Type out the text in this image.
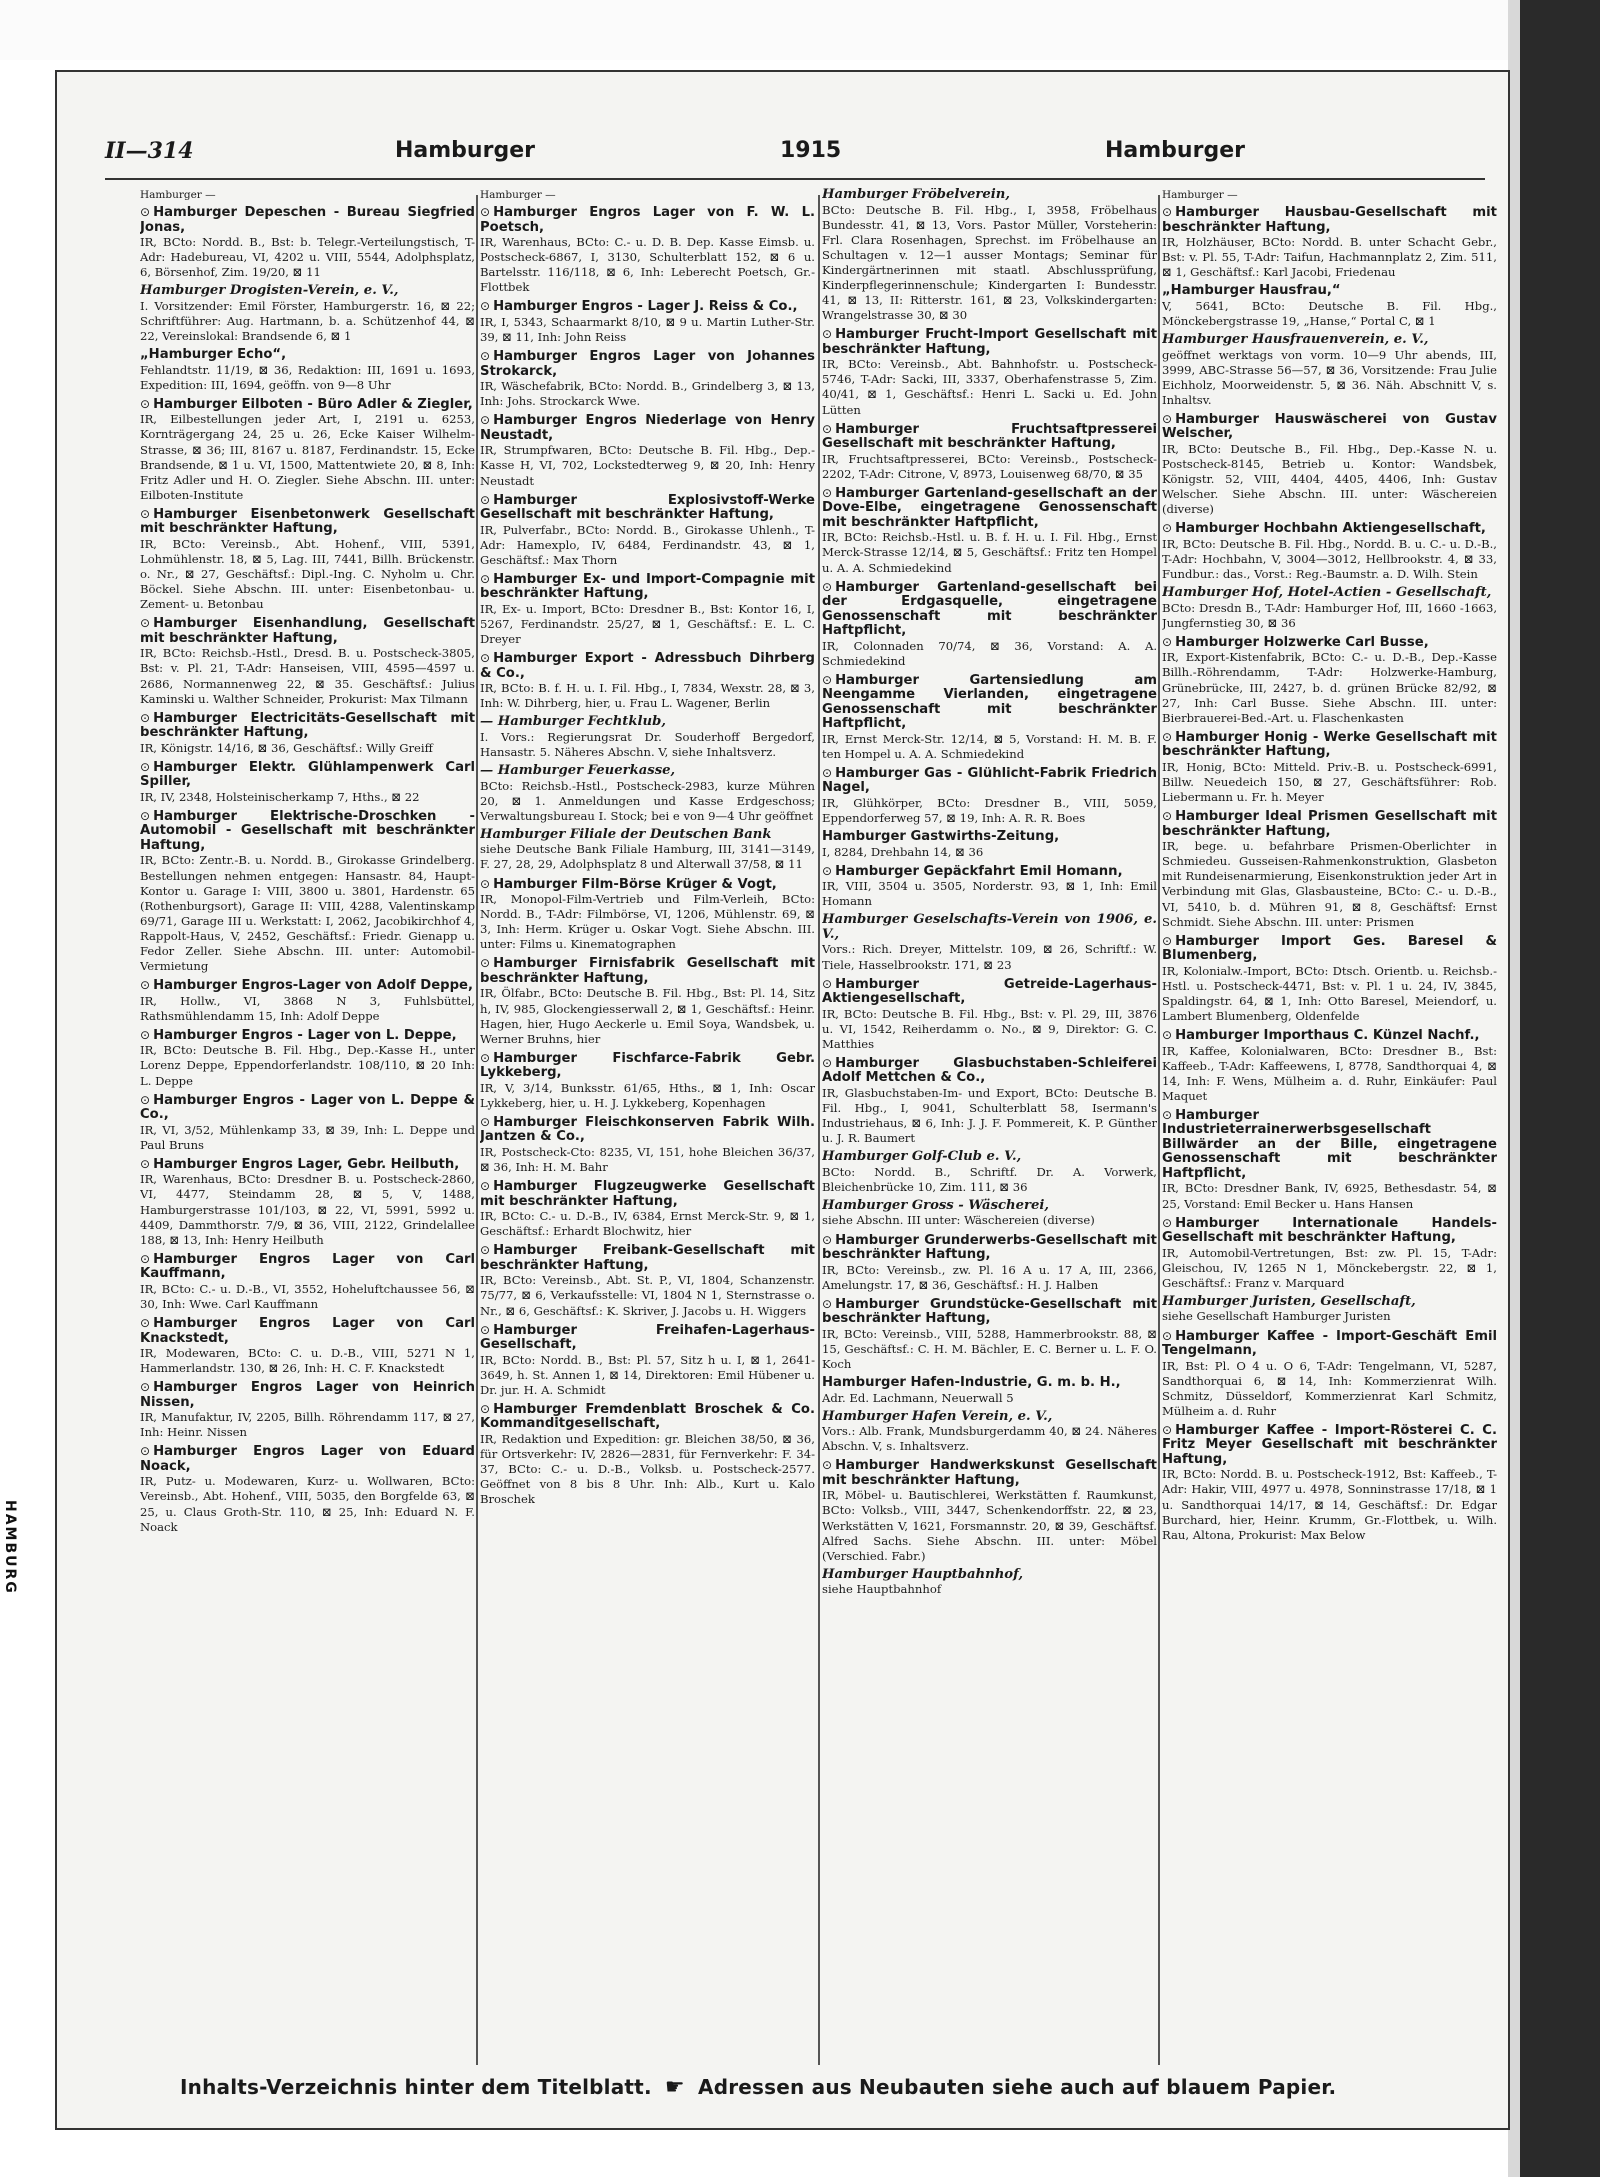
HAMBURG
II—314	Hamburger	1915	Hamburger
Hamburger —
⊙ Hamburger Depeschen - Bureau Siegfried Jonas,
IR, BCto: Nordd. B., Bst: b. Telegr.-Verteilungstisch, T-Adr: Hadebureau, VI, 4202 u. VIII, 5544, Adolphsplatz, 6, Börsenhof, Zim. 19/20, ⊠ 11
Hamburger Drogisten-Verein, e. V.,
I. Vorsitzender: Emil Förster, Hamburgerstr. 16, ⊠ 22; Schriftführer: Aug. Hartmann, b. a. Schützenhof 44, ⊠ 22, Vereinslokal: Brandsende 6, ⊠ 1
„Hamburger Echo“,
Fehlandtstr. 11/19, ⊠ 36, Redaktion: III, 1691 u. 1693, Expedition: III, 1694, geöffn. von 9—8 Uhr
⊙ Hamburger Eilboten - Büro Adler & Ziegler,
IR, Eilbestellungen jeder Art, I, 2191 u. 6253, Kornträgergang 24, 25 u. 26, Ecke Kaiser Wilhelm-Strasse, ⊠ 36; III, 8167 u. 8187, Ferdinandstr. 15, Ecke Brandsende, ⊠ 1 u. VI, 1500, Mattentwiete 20, ⊠ 8, Inh: Fritz Adler und H. O. Ziegler. Siehe Abschn. III. unter: Eilboten-Institute
⊙ Hamburger Eisenbetonwerk Gesellschaft mit beschränkter Haftung,
IR, BCto: Vereinsb., Abt. Hohenf., VIII, 5391, Lohmühlenstr. 18, ⊠ 5, Lag. III, 7441, Billh. Brückenstr. o. Nr., ⊠ 27, Geschäftsf.: Dipl.-Ing. C. Nyholm u. Chr. Böckel. Siehe Abschn. III. unter: Eisenbetonbau- u. Zement- u. Betonbau
⊙ Hamburger Eisenhandlung, Gesellschaft mit beschränkter Haftung,
IR, BCto: Reichsb.-Hstl., Dresd. B. u. Postscheck-3805, Bst: v. Pl. 21, T-Adr: Hanseisen, VIII, 4595—4597 u. 2686, Normannenweg 22, ⊠ 35. Geschäftsf.: Julius Kaminski u. Walther Schneider, Prokurist: Max Tilmann
⊙ Hamburger Electricitäts-Gesellschaft mit beschränkter Haftung,
IR, Königstr. 14/16, ⊠ 36, Geschäftsf.: Willy Greiff
⊙ Hamburger Elektr. Glühlampenwerk Carl Spiller,
IR, IV, 2348, Holsteinischerkamp 7, Hths., ⊠ 22
⊙ Hamburger Elektrische-Droschken - Automobil - Gesellschaft mit beschränkter Haftung,
IR, BCto: Zentr.-B. u. Nordd. B., Girokasse Grindelberg. Bestellungen nehmen entgegen: Hansastr. 84, Haupt-Kontor u. Garage I: VIII, 3800 u. 3801, Hardenstr. 65 (Rothenburgsort), Garage II: VIII, 4288, Valentinskamp 69/71, Garage III u. Werkstatt: I, 2062, Jacobikirchhof 4, Rappolt-Haus, V, 2452, Geschäftsf.: Friedr. Gienapp u. Fedor Zeller. Siehe Abschn. III. unter: Automobil-Vermietung
⊙ Hamburger Engros-Lager von Adolf Deppe,
IR, Hollw., VI, 3868 N 3, Fuhlsbüttel, Rathsmühlendamm 15, Inh: Adolf Deppe
⊙ Hamburger Engros - Lager von L. Deppe,
IR, BCto: Deutsche B. Fil. Hbg., Dep.-Kasse H., unter Lorenz Deppe, Eppendorferlandstr. 108/110, ⊠ 20 Inh: L. Deppe
⊙ Hamburger Engros - Lager von L. Deppe & Co.,
IR, VI, 3/52, Mühlenkamp 33, ⊠ 39, Inh: L. Deppe und Paul Bruns
⊙ Hamburger Engros Lager, Gebr. Heilbuth,
IR, Warenhaus, BCto: Dresdner B. u. Postscheck-2860, VI, 4477, Steindamm 28, ⊠ 5, V, 1488, Hamburgerstrasse 101/103, ⊠ 22, VI, 5991, 5992 u. 4409, Dammthorstr. 7/9, ⊠ 36, VIII, 2122, Grindelallee 188, ⊠ 13, Inh: Henry Heilbuth
⊙ Hamburger Engros Lager von Carl Kauffmann,
IR, BCto: C.- u. D.-B., VI, 3552, Hoheluftchaussee 56, ⊠ 30, Inh: Wwe. Carl Kauffmann
⊙ Hamburger Engros Lager von Carl Knackstedt,
IR, Modewaren, BCto: C. u. D.-B., VIII, 5271 N 1, Hammerlandstr. 130, ⊠ 26, Inh: H. C. F. Knackstedt
⊙ Hamburger Engros Lager von Heinrich Nissen,
IR, Manufaktur, IV, 2205, Billh. Röhrendamm 117, ⊠ 27, Inh: Heinr. Nissen
⊙ Hamburger Engros Lager von Eduard Noack,
IR, Putz- u. Modewaren, Kurz- u. Wollwaren, BCto: Vereinsb., Abt. Hohenf., VIII, 5035, den Borgfelde 63, ⊠ 25, u. Claus Groth-Str. 110, ⊠ 25, Inh: Eduard N. F. Noack
Hamburger —
⊙ Hamburger Engros Lager von F. W. L. Poetsch,
IR, Warenhaus, BCto: C.- u. D. B. Dep. Kasse Eimsb. u. Postscheck-6867, I, 3130, Schulterblatt 152, ⊠ 6 u. Bartelsstr. 116/118, ⊠ 6, Inh: Leberecht Poetsch, Gr.-Flottbek
⊙ Hamburger Engros - Lager J. Reiss & Co.,
IR, I, 5343, Schaarmarkt 8/10, ⊠ 9 u. Martin Luther-Str. 39, ⊠ 11, Inh: John Reiss
⊙ Hamburger Engros Lager von Johannes Strokarck,
IR, Wäschefabrik, BCto: Nordd. B., Grindelberg 3, ⊠ 13, Inh: Johs. Strockarck Wwe.
⊙ Hamburger Engros Niederlage von Henry Neustadt,
IR, Strumpfwaren, BCto: Deutsche B. Fil. Hbg., Dep.-Kasse H, VI, 702, Lockstedterweg 9, ⊠ 20, Inh: Henry Neustadt
⊙ Hamburger Explosivstoff-Werke Gesellschaft mit beschränkter Haftung,
IR, Pulverfabr., BCto: Nordd. B., Girokasse Uhlenh., T-Adr: Hamexplo, IV, 6484, Ferdinandstr. 43, ⊠ 1, Geschäftsf.: Max Thorn
⊙ Hamburger Ex- und Import-Compagnie mit beschränkter Haftung,
IR, Ex- u. Import, BCto: Dresdner B., Bst: Kontor 16, I, 5267, Ferdinandstr. 25/27, ⊠ 1, Geschäftsf.: E. L. C. Dreyer
⊙ Hamburger Export - Adressbuch Dihrberg & Co.,
IR, BCto: B. f. H. u. I. Fil. Hbg., I, 7834, Wexstr. 28, ⊠ 3, Inh: W. Dihrberg, hier, u. Frau L. Wagener, Berlin
— Hamburger Fechtklub,
I. Vors.: Regierungsrat Dr. Souderhoff Bergedorf, Hansastr. 5. Näheres Abschn. V, siehe Inhaltsverz.
— Hamburger Feuerkasse,
BCto: Reichsb.-Hstl., Postscheck-2983, kurze Mühren 20, ⊠ 1. Anmeldungen und Kasse Erdgeschoss; Verwaltungsbureau I. Stock; bei e von 9—4 Uhr geöffnet
Hamburger Filiale der Deutschen Bank
siehe Deutsche Bank Filiale Hamburg, III, 3141—3149, F. 27, 28, 29, Adolphsplatz 8 und Alterwall 37/58, ⊠ 11
⊙ Hamburger Film-Börse Krüger & Vogt,
IR, Monopol-Film-Vertrieb und Film-Verleih, BCto: Nordd. B., T-Adr: Filmbörse, VI, 1206, Mühlenstr. 69, ⊠ 3, Inh: Herm. Krüger u. Oskar Vogt. Siehe Abschn. III. unter: Films u. Kinematographen
⊙ Hamburger Firnisfabrik Gesellschaft mit beschränkter Haftung,
IR, Ölfabr., BCto: Deutsche B. Fil. Hbg., Bst: Pl. 14, Sitz h, IV, 985, Glockengiesserwall 2, ⊠ 1, Geschäftsf.: Heinr. Hagen, hier, Hugo Aeckerle u. Emil Soya, Wandsbek, u. Werner Bruhns, hier
⊙ Hamburger Fischfarce-Fabrik Gebr. Lykkeberg,
IR, V, 3/14, Bunksstr. 61/65, Hths., ⊠ 1, Inh: Oscar Lykkeberg, hier, u. H. J. Lykkeberg, Kopenhagen
⊙ Hamburger Fleischkonserven Fabrik Wilh. Jantzen & Co.,
IR, Postscheck-Cto: 8235, VI, 151, hohe Bleichen 36/37, ⊠ 36, Inh: H. M. Bahr
⊙ Hamburger Flugzeugwerke Gesellschaft mit beschränkter Haftung,
IR, BCto: C.- u. D.-B., IV, 6384, Ernst Merck-Str. 9, ⊠ 1, Geschäftsf.: Erhardt Blochwitz, hier
⊙ Hamburger Freibank-Gesellschaft mit beschränkter Haftung,
IR, BCto: Vereinsb., Abt. St. P., VI, 1804, Schanzenstr. 75/77, ⊠ 6, Verkaufsstelle: VI, 1804 N 1, Sternstrasse o. Nr., ⊠ 6, Geschäftsf.: K. Skriver, J. Jacobs u. H. Wiggers
⊙ Hamburger Freihafen-Lagerhaus-Gesellschaft,
IR, BCto: Nordd. B., Bst: Pl. 57, Sitz h u. I, ⊠ 1, 2641-3649, h. St. Annen 1, ⊠ 14, Direktoren: Emil Hübener u. Dr. jur. H. A. Schmidt
⊙ Hamburger Fremdenblatt Broschek & Co. Kommanditgesellschaft,
IR, Redaktion und Expedition: gr. Bleichen 38/50, ⊠ 36, für Ortsverkehr: IV, 2826—2831, für Fernverkehr: F. 34-37, BCto: C.- u. D.-B., Volksb. u. Postscheck-2577. Geöffnet von 8 bis 8 Uhr. Inh: Alb., Kurt u. Kalo Broschek
Hamburger Fröbelverein,
BCto: Deutsche B. Fil. Hbg., I, 3958, Fröbelhaus Bundesstr. 41, ⊠ 13, Vors. Pastor Müller, Vorsteherin: Frl. Clara Rosenhagen, Sprechst. im Fröbelhause an Schultagen v. 12—1 ausser Montags; Seminar für Kindergärtnerinnen mit staatl. Abschlussprüfung, Kinderpflegerinnenschule; Kindergarten I: Bundesstr. 41, ⊠ 13, II: Ritterstr. 161, ⊠ 23, Volkskindergarten: Wrangelstrasse 30, ⊠ 30
⊙ Hamburger Frucht-Import Gesellschaft mit beschränkter Haftung,
IR, BCto: Vereinsb., Abt. Bahnhofstr. u. Postscheck-5746, T-Adr: Sacki, III, 3337, Oberhafenstrasse 5, Zim. 40/41, ⊠ 1, Geschäftsf.: Henri L. Sacki u. Ed. John Lütten
⊙ Hamburger Fruchtsaftpresserei Gesellschaft mit beschränkter Haftung,
IR, Fruchtsaftpresserei, BCto: Vereinsb., Postscheck-2202, T-Adr: Citrone, V, 8973, Louisenweg 68/70, ⊠ 35
⊙ Hamburger Gartenland-gesellschaft an der Dove-Elbe, eingetragene Genossenschaft mit beschränkter Haftpflicht,
IR, BCto: Reichsb.-Hstl. u. B. f. H. u. I. Fil. Hbg., Ernst Merck-Strasse 12/14, ⊠ 5, Geschäftsf.: Fritz ten Hompel u. A. A. Schmiedekind
⊙ Hamburger Gartenland-gesellschaft bei der Erdgasquelle, eingetragene Genossenschaft mit beschränkter Haftpflicht,
IR, Colonnaden 70/74, ⊠ 36, Vorstand: A. A. Schmiedekind
⊙ Hamburger Gartensiedlung am Neengamme Vierlanden, eingetragene Genossenschaft mit beschränkter Haftpflicht,
IR, Ernst Merck-Str. 12/14, ⊠ 5, Vorstand: H. M. B. F. ten Hompel u. A. A. Schmiedekind
⊙ Hamburger Gas - Glühlicht-Fabrik Friedrich Nagel,
IR, Glühkörper, BCto: Dresdner B., VIII, 5059, Eppendorferweg 57, ⊠ 19, Inh: A. R. R. Boes
Hamburger Gastwirths-Zeitung,
I, 8284, Drehbahn 14, ⊠ 36
⊙ Hamburger Gepäckfahrt Emil Homann,
IR, VIII, 3504 u. 3505, Norderstr. 93, ⊠ 1, Inh: Emil Homann
Hamburger Geselschafts-Verein von 1906, e. V.,
Vors.: Rich. Dreyer, Mittelstr. 109, ⊠ 26, Schriftf.: W. Tiele, Hasselbrookstr. 171, ⊠ 23
⊙ Hamburger Getreide-Lagerhaus-Aktiengesellschaft,
IR, BCto: Deutsche B. Fil. Hbg., Bst: v. Pl. 29, III, 3876 u. VI, 1542, Reiherdamm o. No., ⊠ 9, Direktor: G. C. Matthies
⊙ Hamburger Glasbuchstaben-Schleiferei Adolf Mettchen & Co.,
IR, Glasbuchstaben-Im- und Export, BCto: Deutsche B. Fil. Hbg., I, 9041, Schulterblatt 58, Isermann's Industriehaus, ⊠ 6, Inh: J. J. F. Pommereit, K. P. Günther u. J. R. Baumert
Hamburger Golf-Club e. V.,
BCto: Nordd. B., Schriftf. Dr. A. Vorwerk, Bleichenbrücke 10, Zim. 111, ⊠ 36
Hamburger Gross - Wäscherei,
siehe Abschn. III unter: Wäschereien (diverse)
⊙ Hamburger Grunderwerbs-Gesellschaft mit beschränkter Haftung,
IR, BCto: Vereinsb., zw. Pl. 16 A u. 17 A, III, 2366, Amelungstr. 17, ⊠ 36, Geschäftsf.: H. J. Halben
⊙ Hamburger Grundstücke-Gesellschaft mit beschränkter Haftung,
IR, BCto: Vereinsb., VIII, 5288, Hammerbrookstr. 88, ⊠ 15, Geschäftsf.: C. H. M. Bächler, E. C. Berner u. L. F. O. Koch
Hamburger Hafen-Industrie, G. m. b. H.,
Adr. Ed. Lachmann, Neuerwall 5
Hamburger Hafen Verein, e. V.,
Vors.: Alb. Frank, Mundsburgerdamm 40, ⊠ 24. Näheres Abschn. V, s. Inhaltsverz.
⊙ Hamburger Handwerkskunst Gesellschaft mit beschränkter Haftung,
IR, Möbel- u. Bautischlerei, Werkstätten f. Raumkunst, BCto: Volksb., VIII, 3447, Schenkendorffstr. 22, ⊠ 23, Werkstätten V, 1621, Forsmannstr. 20, ⊠ 39, Geschäftsf. Alfred Sachs. Siehe Abschn. III. unter: Möbel (Verschied. Fabr.)
Hamburger Hauptbahnhof,
siehe Hauptbahnhof
Hamburger —
⊙ Hamburger Hausbau-Gesellschaft mit beschränkter Haftung,
IR, Holzhäuser, BCto: Nordd. B. unter Schacht Gebr., Bst: v. Pl. 55, T-Adr: Taifun, Hachmannplatz 2, Zim. 511, ⊠ 1, Geschäftsf.: Karl Jacobi, Friedenau
„Hamburger Hausfrau,“
V, 5641, BCto: Deutsche B. Fil. Hbg., Mönckebergstrasse 19, „Hanse,“ Portal C, ⊠ 1
Hamburger Hausfrauenverein, e. V.,
geöffnet werktags von vorm. 10—9 Uhr abends, III, 3999, ABC-Strasse 56—57, ⊠ 36, Vorsitzende: Frau Julie Eichholz, Moorweidenstr. 5, ⊠ 36. Näh. Abschnitt V, s. Inhaltsv.
⊙ Hamburger Hauswäscherei von Gustav Welscher,
IR, BCto: Deutsche B., Fil. Hbg., Dep.-Kasse N. u. Postscheck-8145, Betrieb u. Kontor: Wandsbek, Königstr. 52, VIII, 4404, 4405, 4406, Inh: Gustav Welscher. Siehe Abschn. III. unter: Wäschereien (diverse)
⊙ Hamburger Hochbahn Aktiengesellschaft,
IR, BCto: Deutsche B. Fil. Hbg., Nordd. B. u. C.- u. D.-B., T-Adr: Hochbahn, V, 3004—3012, Hellbrookstr. 4, ⊠ 33, Fundbur.: das., Vorst.: Reg.-Baumstr. a. D. Wilh. Stein
Hamburger Hof, Hotel-Actien - Gesellschaft,
BCto: Dresdn B., T-Adr: Hamburger Hof, III, 1660 -1663, Jungfernstieg 30, ⊠ 36
⊙ Hamburger Holzwerke Carl Busse,
IR, Export-Kistenfabrik, BCto: C.- u. D.-B., Dep.-Kasse Billh.-Röhrendamm, T-Adr: Holzwerke-Hamburg, Grünebrücke, III, 2427, b. d. grünen Brücke 82/92, ⊠ 27, Inh: Carl Busse. Siehe Abschn. III. unter: Bierbrauerei-Bed.-Art. u. Flaschenkasten
⊙ Hamburger Honig - Werke Gesellschaft mit beschränkter Haftung,
IR, Honig, BCto: Mitteld. Priv.-B. u. Postscheck-6991, Billw. Neuedeich 150, ⊠ 27, Geschäftsführer: Rob. Liebermann u. Fr. h. Meyer
⊙ Hamburger Ideal Prismen Gesellschaft mit beschränkter Haftung,
IR, bege. u. befahrbare Prismen-Oberlichter in Schmiedeu. Gusseisen-Rahmenkonstruktion, Glasbeton mit Rundeisenarmierung, Eisenkonstruktion jeder Art in Verbindung mit Glas, Glasbausteine, BCto: C.- u. D.-B., VI, 5410, b. d. Mühren 91, ⊠ 8, Geschäftsf: Ernst Schmidt. Siehe Abschn. III. unter: Prismen
⊙ Hamburger Import Ges. Baresel & Blumenberg,
IR, Kolonialw.-Import, BCto: Dtsch. Orientb. u. Reichsb.-Hstl. u. Postscheck-4471, Bst: v. Pl. 1 u. 24, IV, 3845, Spaldingstr. 64, ⊠ 1, Inh: Otto Baresel, Meiendorf, u. Lambert Blumenberg, Oldenfelde
⊙ Hamburger Importhaus C. Künzel Nachf.,
IR, Kaffee, Kolonialwaren, BCto: Dresdner B., Bst: Kaffeeb., T-Adr: Kaffeewens, I, 8778, Sandthorquai 4, ⊠ 14, Inh: F. Wens, Mülheim a. d. Ruhr, Einkäufer: Paul Maquet
⊙ Hamburger Industrieterrainerwerbsgesellschaft Billwärder an der Bille, eingetragene Genossenschaft mit beschränkter Haftpflicht,
IR, BCto: Dresdner Bank, IV, 6925, Bethesdastr. 54, ⊠ 25, Vorstand: Emil Becker u. Hans Hansen
⊙ Hamburger Internationale Handels-Gesellschaft mit beschränkter Haftung,
IR, Automobil-Vertretungen, Bst: zw. Pl. 15, T-Adr: Gleischou, IV, 1265 N 1, Mönckebergstr. 22, ⊠ 1, Geschäftsf.: Franz v. Marquard
Hamburger Juristen, Gesellschaft,
siehe Gesellschaft Hamburger Juristen
⊙ Hamburger Kaffee - Import-Geschäft Emil Tengelmann,
IR, Bst: Pl. O 4 u. O 6, T-Adr: Tengelmann, VI, 5287, Sandthorquai 6, ⊠ 14, Inh: Kommerzienrat Wilh. Schmitz, Düsseldorf, Kommerzienrat Karl Schmitz, Mülheim a. d. Ruhr
⊙ Hamburger Kaffee - Import-Rösterei C. C. Fritz Meyer Gesellschaft mit beschränkter Haftung,
IR, BCto: Nordd. B. u. Postscheck-1912, Bst: Kaffeeb., T-Adr: Hakir, VIII, 4977 u. 4978, Sonninstrasse 17/18, ⊠ 1 u. Sandthorquai 14/17, ⊠ 14, Geschäftsf.: Dr. Edgar Burchard, hier, Heinr. Krumm, Gr.-Flottbek, u. Wilh. Rau, Altona, Prokurist: Max Below
Inhalts-Verzeichnis hinter dem Titelblatt. ☛ Adressen aus Neubauten siehe auch auf blauem Papier.
